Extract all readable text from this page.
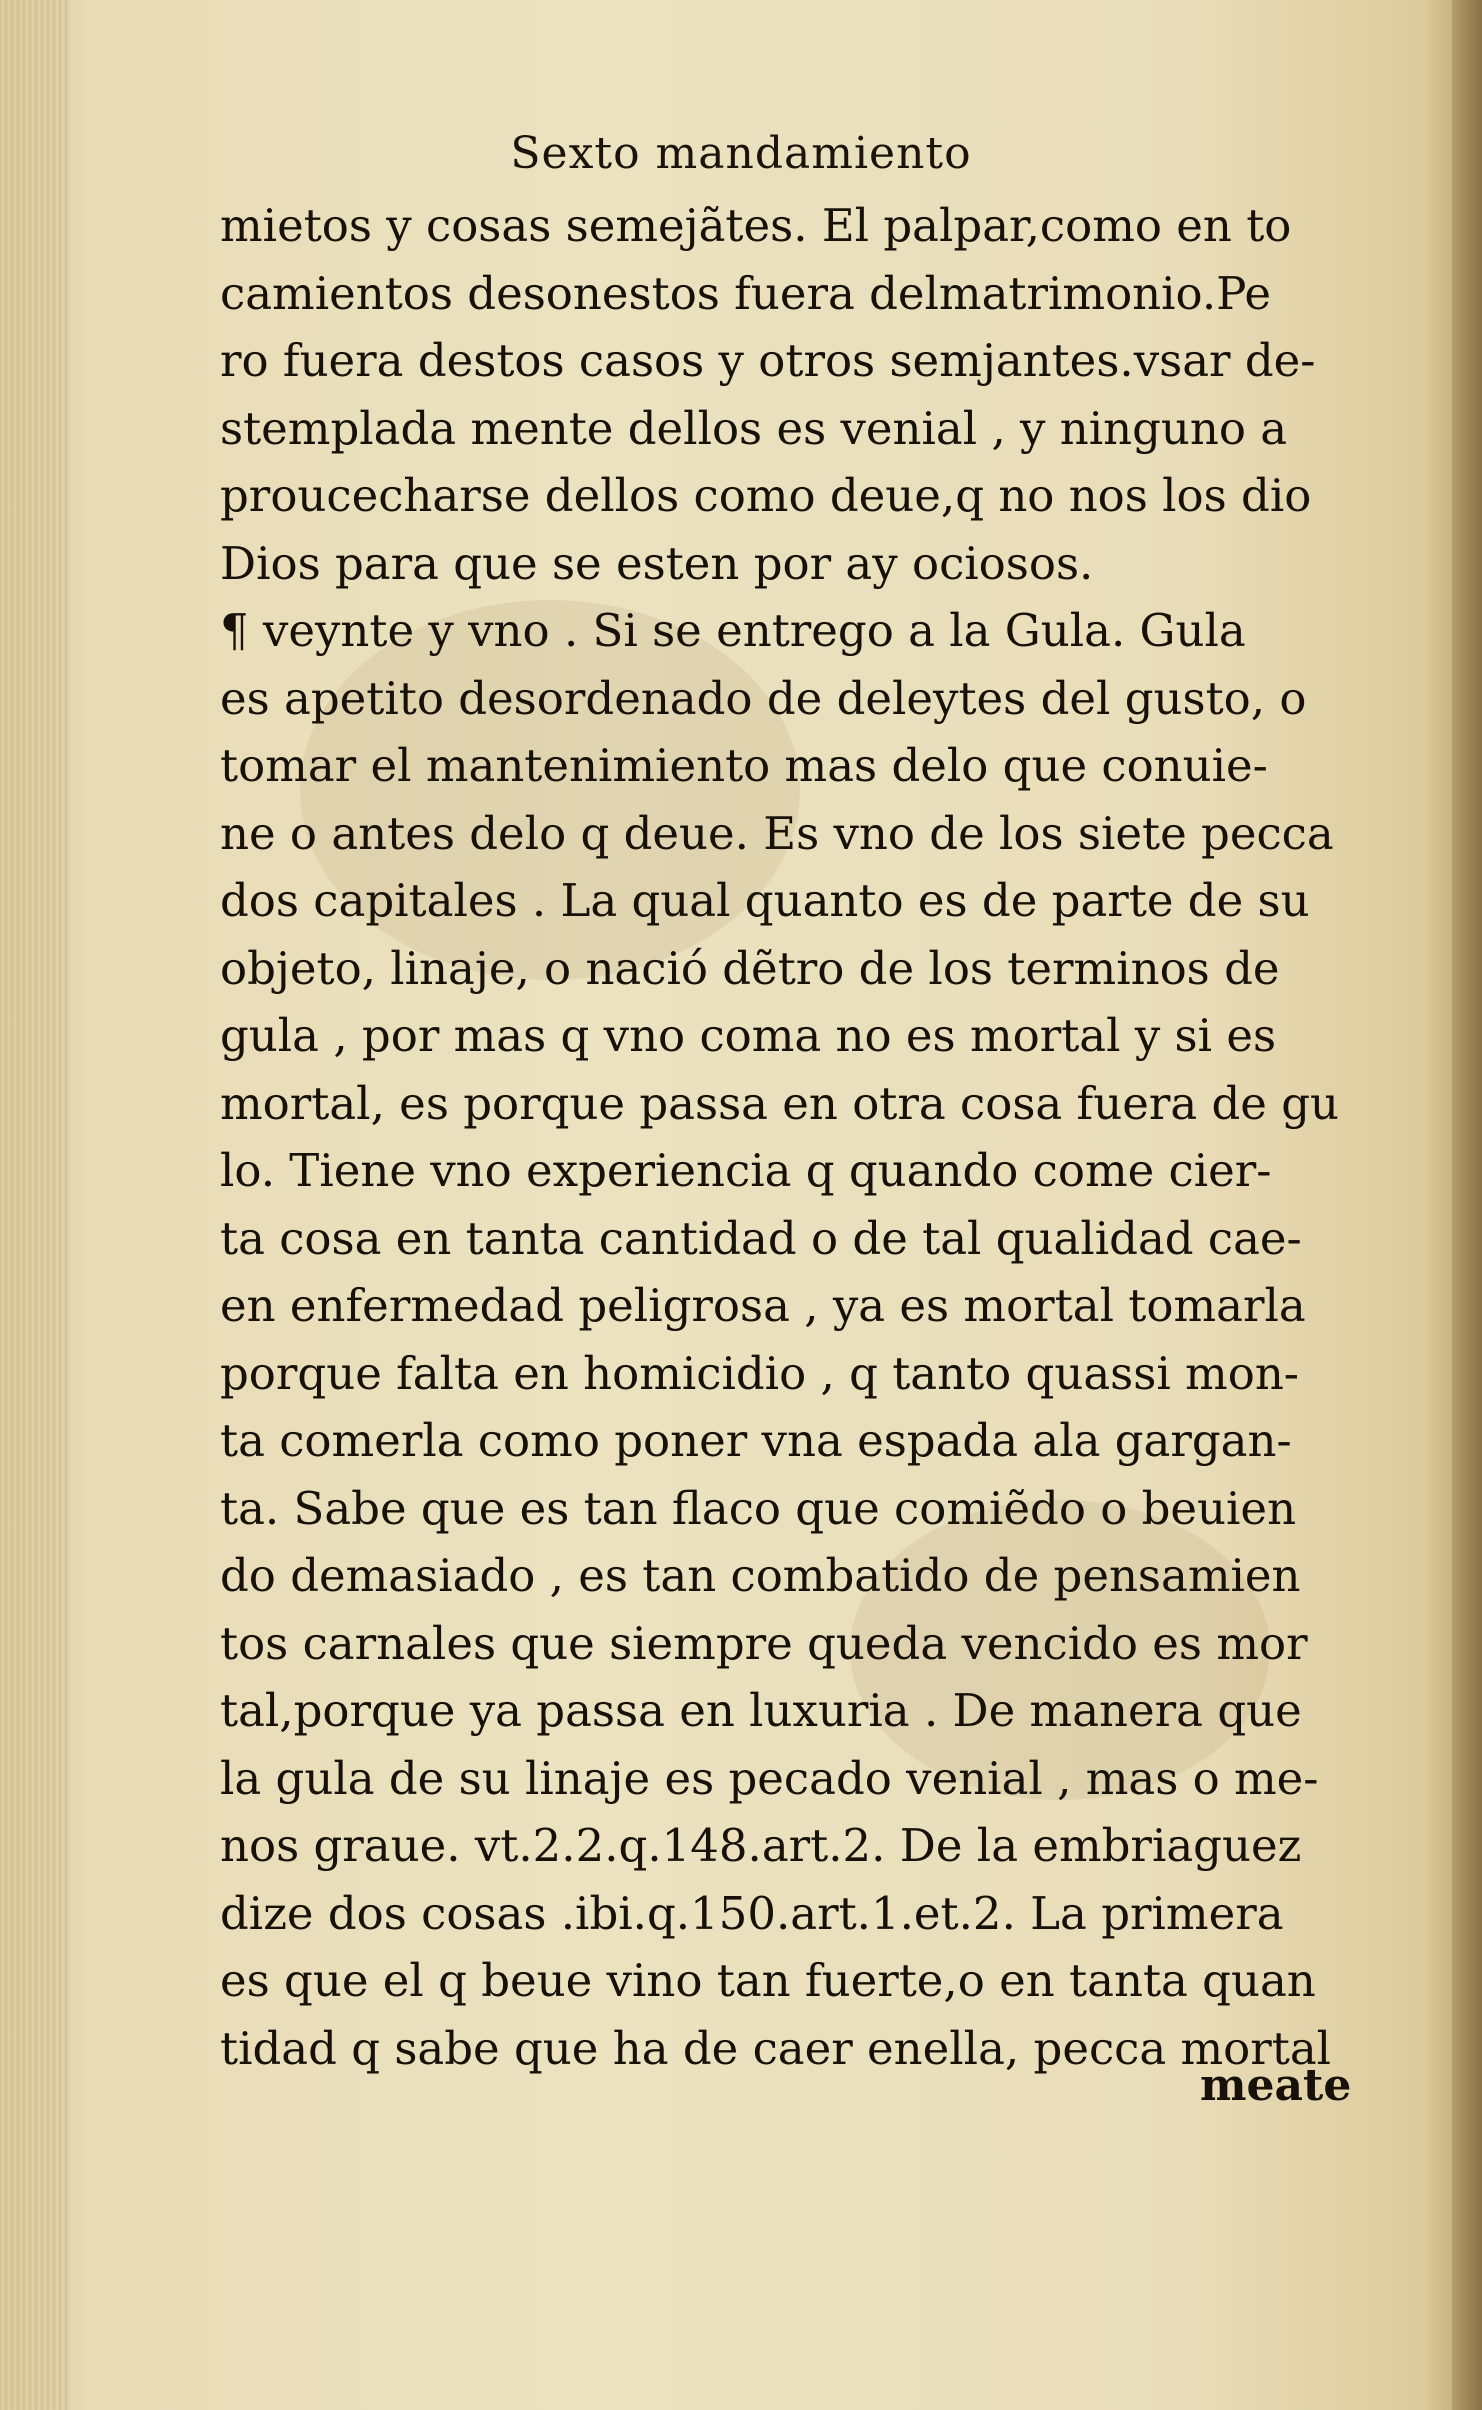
Sexto mandamiento
mietos y cosas semejãtes. El palpar,como en to
camientos desonestos fuera delmatrimonio.Pe
ro fuera destos casos y otros semjantes.vsar de-
stemplada mente dellos es venial , y ninguno a
proucecharse dellos como deue,q no nos los dio
Dios para que se esten por ay ociosos.
¶ veynte y vno . Si se entrego a la Gula. Gula
es apetito desordenado de deleytes del gusto, o
tomar el mantenimiento mas delo que conuie-
ne o antes delo q deue. Es vno de los siete pecca
dos capitales . La qual quanto es de parte de su
objeto, linaje, o nació dẽtro de los terminos de
gula , por mas q vno coma no es mortal y si es
mortal, es porque passa en otra cosa fuera de gu
lo. Tiene vno experiencia q quando come cier-
ta cosa en tanta cantidad o de tal qualidad cae-
en enfermedad peligrosa , ya es mortal tomarla
porque falta en homicidio , q tanto quassi mon-
ta comerla como poner vna espada ala gargan-
ta. Sabe que es tan flaco que comiẽdo o beuien
do demasiado , es tan combatido de pensamien
tos carnales que siempre queda vencido es mor
tal,porque ya passa en luxuria . De manera que
la gula de su linaje es pecado venial , mas o me-
nos graue. vt.2.2.q.148.art.2. De la embriaguez
dize dos cosas .ibi.q.150.art.1.et.2. La primera
es que el q beue vino tan fuerte,o en tanta quan
tidad q sabe que ha de caer enella, pecca mortal
meate
